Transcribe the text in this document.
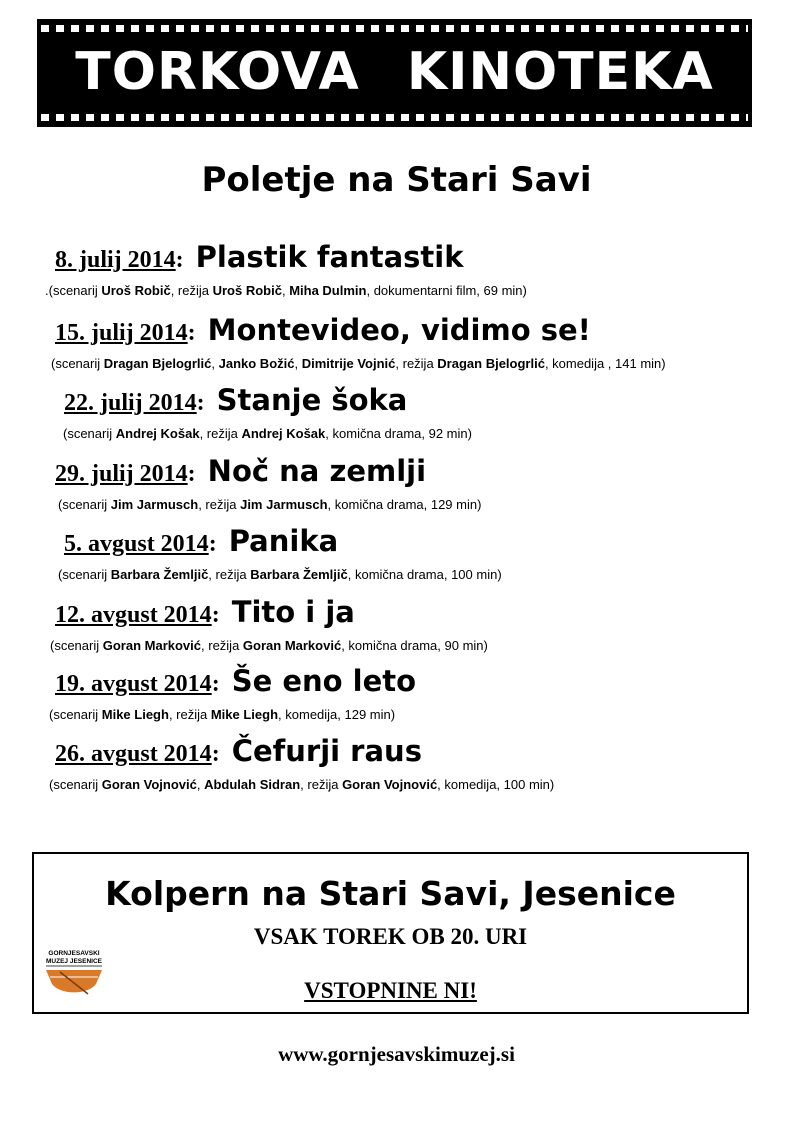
TORKOVA KINOTEKA
Poletje na Stari Savi
8. julij 2014: Plastik fantastik
.(scenarij Uroš Robič, režija Uroš Robič, Miha Dulmin, dokumentarni film, 69 min)
15. julij 2014: Montevideo, vidimo se!
(scenarij Dragan Bjelogrlić, Janko Božić, Dimitrije Vojnić, režija Dragan Bjelogrlić, komedija , 141 min)
22. julij 2014: Stanje šoka
(scenarij Andrej Košak, režija Andrej Košak, komična drama, 92 min)
29. julij 2014: Noč na zemlji
(scenarij Jim Jarmusch, režija Jim Jarmusch, komična drama, 129 min)
5. avgust 2014: Panika
(scenarij Barbara Žemljič, režija Barbara Žemljič, komična drama, 100 min)
12. avgust 2014: Tito i ja
(scenarij Goran Marković, režija Goran Marković, komična drama, 90 min)
19. avgust 2014: Še eno leto
(scenarij Mike Liegh, režija Mike Liegh, komedija, 129 min)
26. avgust 2014: Čefurji raus
(scenarij Goran Vojnović, Abdulah Sidran, režija Goran Vojnović, komedija, 100 min)
Kolpern na Stari Savi, Jesenice
VSAK TOREK OB 20. URI
VSTOPNINE NI!
GORNJESAVSKI
MUZEJ JESENICE
www.gornjesavskimuzej.si
